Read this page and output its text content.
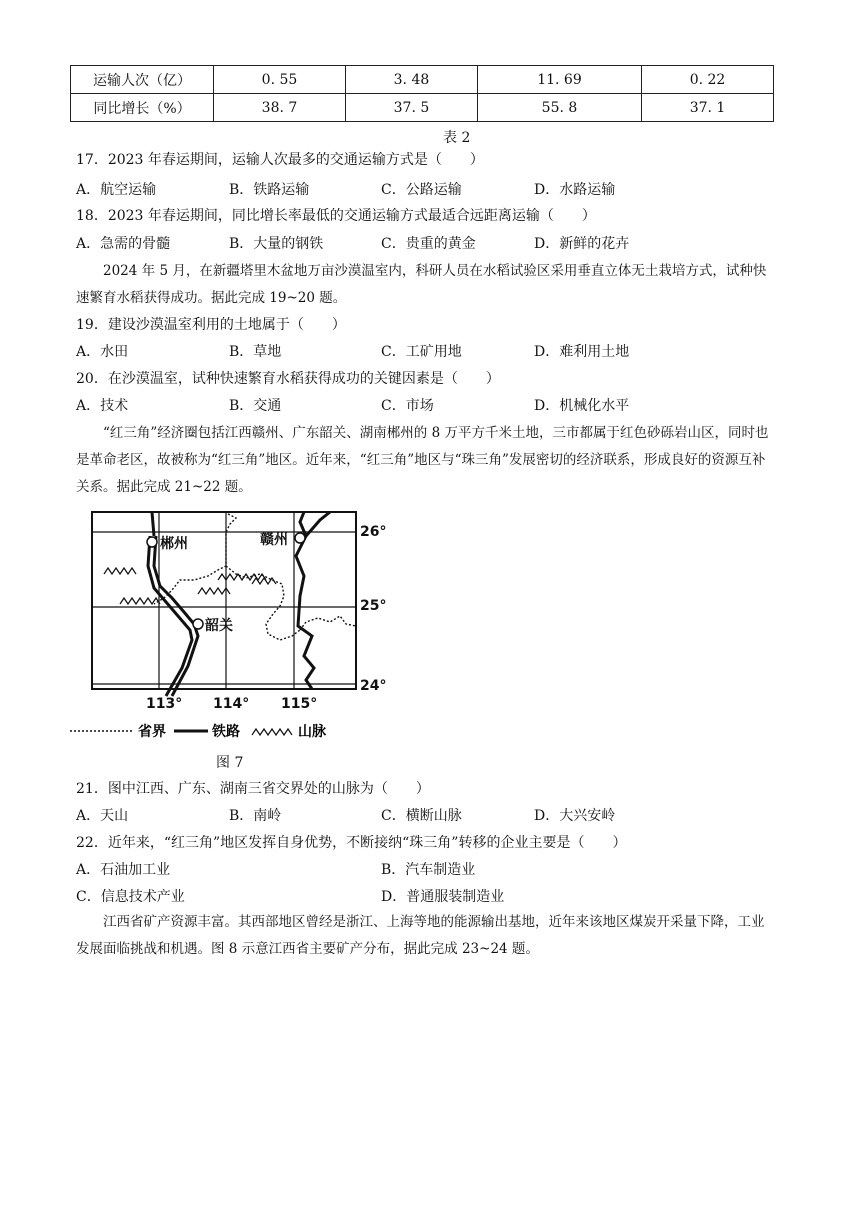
运输人次（亿）	0. 55	3. 48	11. 69	0. 22
同比增长（%）	38. 7	37. 5	55. 8	37. 1
表 2
17．2023 年春运期间，运输人次最多的交通运输方式是（　　）
A．航空运输	B．铁路运输	C．公路运输	D．水路运输
18．2023 年春运期间，同比增长率最低的交通运输方式最适合远距离运输（　　）
A．急需的骨髓	B．大量的钢铁	C．贵重的黄金	D．新鲜的花卉
2024 年 5 月，在新疆塔里木盆地万亩沙漠温室内，科研人员在水稻试验区采用垂直立体无土栽培方式，试种快速繁育水稻获得成功。据此完成 19~20 题。
19．建设沙漠温室利用的土地属于（　　）
A．水田	B．草地	C．工矿用地	D．难利用土地
20．在沙漠温室，试种快速繁育水稻获得成功的关键因素是（　　）
A．技术	B．交通	C．市场	D．机械化水平
“红三角”经济圈包括江西赣州、广东韶关、湖南郴州的 8 万平方千米土地，三市都属于红色砂砾岩山区，同时也是革命老区，故被称为“红三角”地区。近年来，“红三角”地区与“珠三角”发展密切的经济联系，形成良好的资源互补关系。据此完成 21~22 题。
郴州	赣州
韶关
26°
25°
24°
113° 114° 115°
省界	铁路	山脉
图 7
21．图中江西、广东、湖南三省交界处的山脉为（　　）
A．天山	B．南岭	C．横断山脉	D．大兴安岭
22．近年来，“红三角”地区发挥自身优势，不断接纳“珠三角”转移的企业主要是（　　）
A．石油加工业	B．汽车制造业
C．信息技术产业	D．普通服装制造业
江西省矿产资源丰富。其西部地区曾经是浙江、上海等地的能源输出基地，近年来该地区煤炭开采量下降，工业发展面临挑战和机遇。图 8 示意江西省主要矿产分布，据此完成 23~24 题。
